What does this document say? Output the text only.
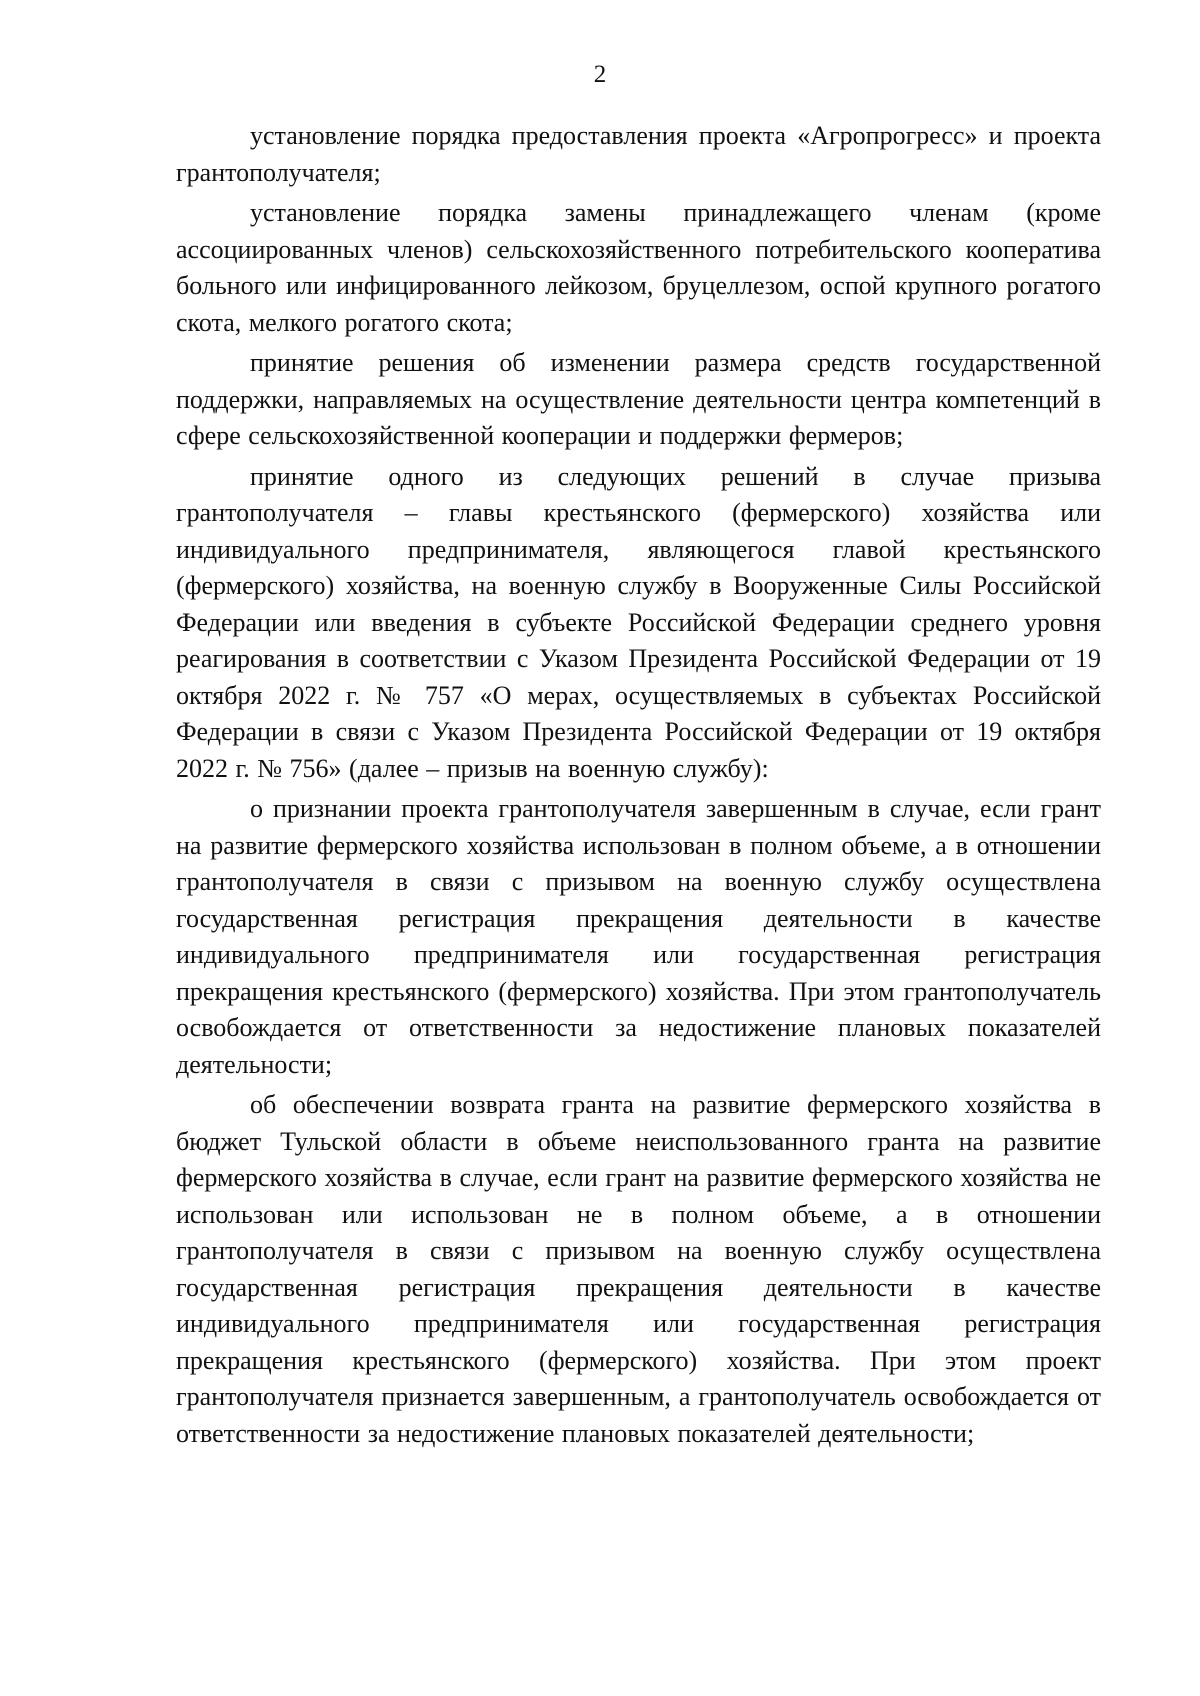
2

установление порядка предоставления проекта «Агропрогресс» и проекта грантополучателя;

установление порядка замены принадлежащего членам (кроме ассоциированных членов) сельскохозяйственного потребительского кооператива больного или инфицированного лейкозом, бруцеллезом, оспой крупного рогатого скота, мелкого рогатого скота;

принятие решения об изменении размера средств государственной поддержки, направляемых на осуществление деятельности центра компетенций в сфере сельскохозяйственной кооперации и поддержки фермеров;

принятие одного из следующих решений в случае призыва грантополучателя – главы крестьянского (фермерского) хозяйства или индивидуального предпринимателя, являющегося главой крестьянского (фермерского) хозяйства, на военную службу в Вооруженные Силы Российской Федерации или введения в субъекте Российской Федерации среднего уровня реагирования в соответствии с Указом Президента Российской Федерации от 19 октября 2022 г. № 757 «О мерах, осуществляемых в субъектах Российской Федерации в связи с Указом Президента Российской Федерации от 19 октября 2022 г. № 756» (далее – призыв на военную службу):

о признании проекта грантополучателя завершенным в случае, если грант на развитие фермерского хозяйства использован в полном объеме, а в отношении грантополучателя в связи с призывом на военную службу осуществлена государственная регистрация прекращения деятельности в качестве индивидуального предпринимателя или государственная регистрация прекращения крестьянского (фермерского) хозяйства. При этом грантополучатель освобождается от ответственности за недостижение плановых показателей деятельности;

об обеспечении возврата гранта на развитие фермерского хозяйства в бюджет Тульской области в объеме неиспользованного гранта на развитие фермерского хозяйства в случае, если грант на развитие фермерского хозяйства не использован или использован не в полном объеме, а в отношении грантополучателя в связи с призывом на военную службу осуществлена государственная регистрация прекращения деятельности в качестве индивидуального предпринимателя или государственная регистрация прекращения крестьянского (фермерского) хозяйства. При этом проект грантополучателя признается завершенным, а грантополучатель освобождается от ответственности за недостижение плановых показателей деятельности;
